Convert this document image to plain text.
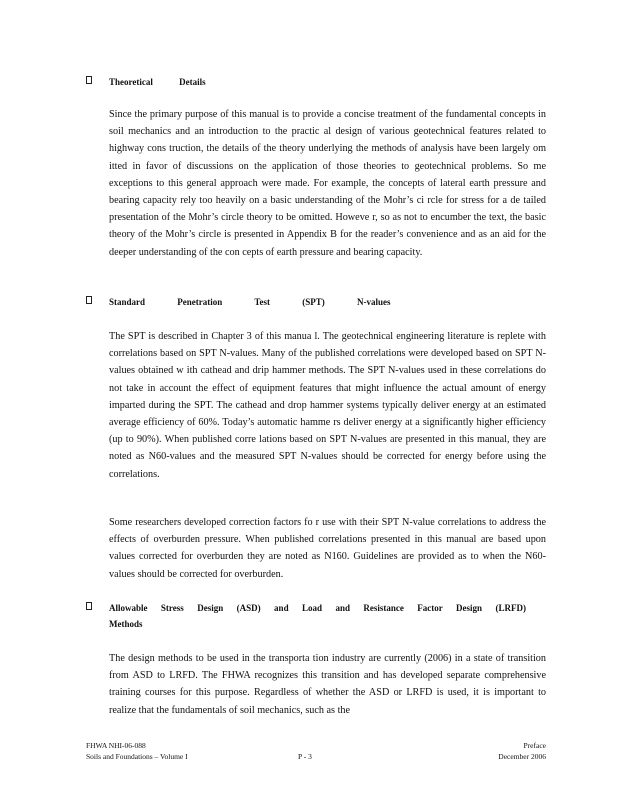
Theoretical Details

Since the primary purpose of this manual is to provide a concise treatment of the fundamental concepts in soil mechanics and an introduction to the practic al design of various geotechnical features related to highway cons truction, the details of the theory underlying the methods of analysis have been largely om itted in favor of discussions on the application of those theories to geotechnical problems. So me exceptions to this general approach were made. For example, the concepts of lateral earth pressure and bearing capacity rely too heavily on a basic understanding of the Mohr’s ci rcle for stress for a de tailed presentation of the Mohr’s circle theory to be omitted. Howeve r, so as not to encumber the text, the basic theory of the Mohr’s circle is presented in Appendix B for the reader’s convenience and as an aid for the deeper understanding of the con cepts of earth pressure and bearing capacity.

Standard Penetration Test (SPT) N-values

The SPT is described in Chapter 3 of this manua l. The geotechnical engineering literature is replete with correlations based on SPT N-values. Many of the published correlations were developed based on SPT N-values obtained w ith cathead and drip hammer methods. The SPT N-values used in these correlations do not take in account the effect of equipment features that might influence the actual amount of energy imparted during the SPT. The cathead and drop hammer systems typically deliver energy at an estimated average efficiency of 60%. Today’s automatic hamme rs deliver energy at a significantly higher efficiency (up to 90%). When published corre lations based on SPT N-values are presented in this manual, they are noted as N60-values and the measured SPT N-values should be corrected for energy before using the correlations.

Some researchers developed correction factors fo r use with their SPT N-value correlations to address the effects of overburden pressure. When published correlations presented in this manual are based upon values corrected for overburden they are noted as N160. Guidelines are provided as to when the N60-values should be corrected for overburden.

Allowable Stress Design (ASD) and Load and Resistance Factor Design (LRFD)
Methods

The design methods to be used in the transporta tion industry are currently (2006) in a state of transition from ASD to LRFD. The FHWA recognizes this transition and has developed separate comprehensive training courses for this purpose. Regardless of whether the ASD or LRFD is used, it is important to realize that the fundamentals of soil mechanics, such as the

FHWA NHI-06-088	Preface
Soils and Foundations – Volume I	P - 3	December 2006
